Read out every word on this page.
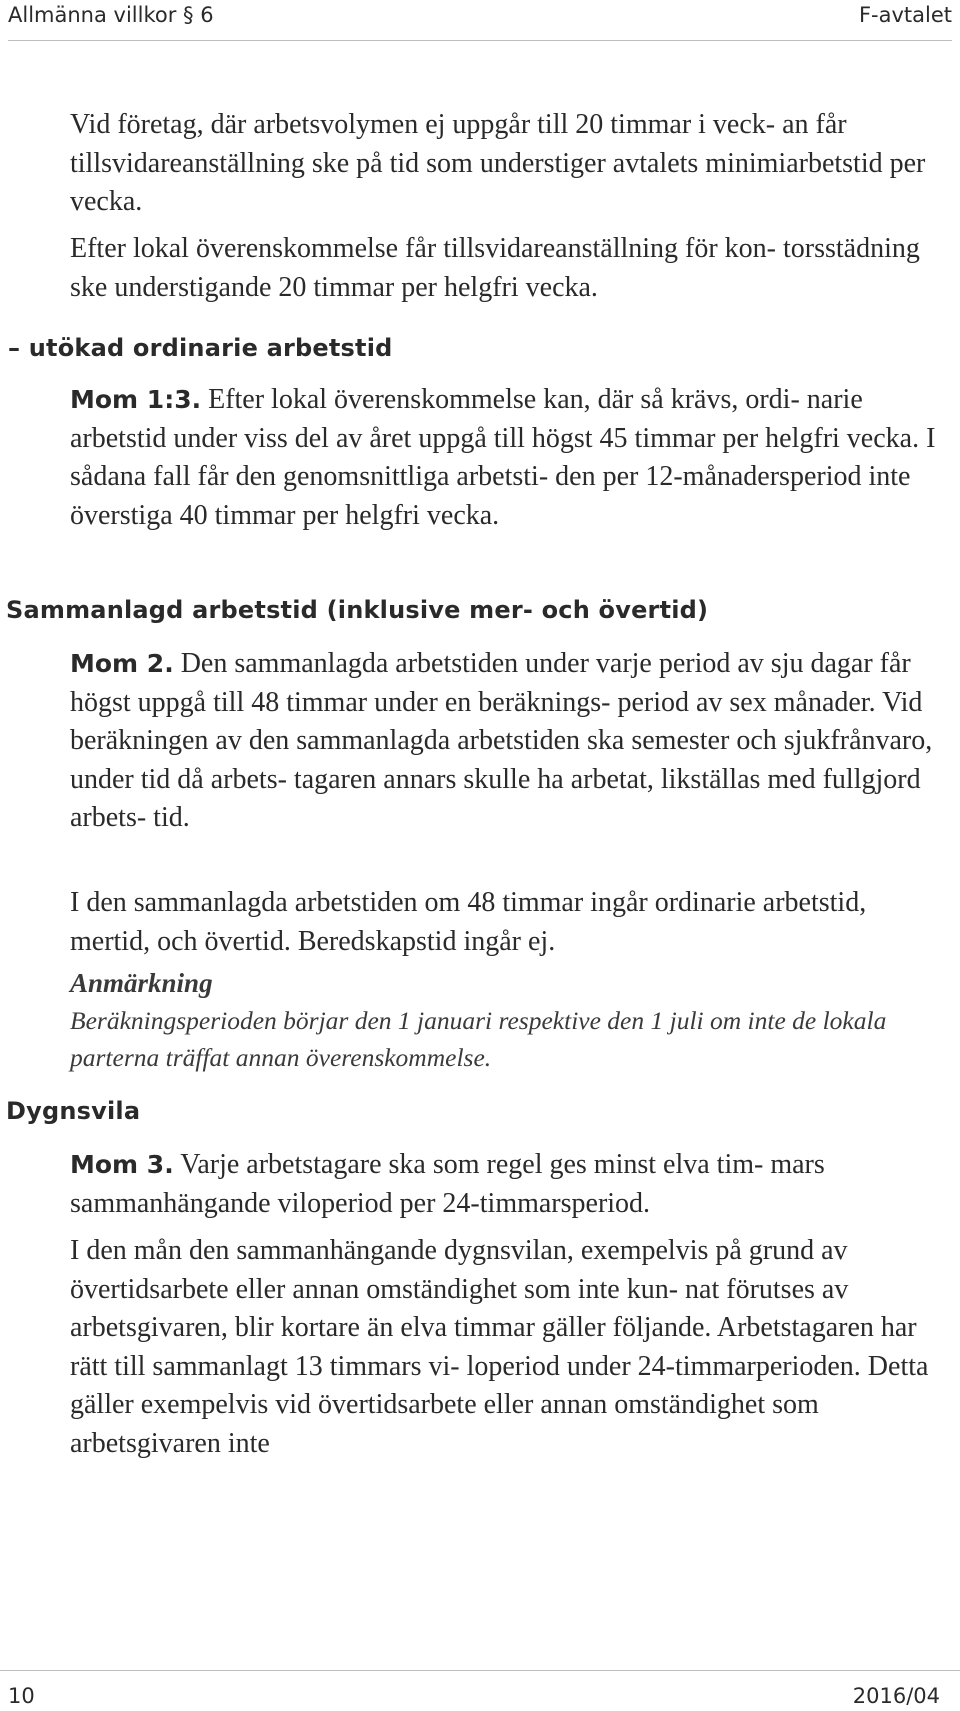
Allmänna villkor § 6	F-avtalet

Vid företag, där arbetsvolymen ej uppgår till 20 timmar i veck- an får tillsvidareanställning ske på tid som understiger avtalets minimiarbetstid per vecka.

Efter lokal överenskommelse får tillsvidareanställning för kon- torsstädning ske understigande 20 timmar per helgfri vecka.

– utökad ordinarie arbetstid

Mom 1:3. Efter lokal överenskommelse kan, där så krävs, ordi- narie arbetstid under viss del av året uppgå till högst 45 timmar per helgfri vecka. I sådana fall får den genomsnittliga arbetsti- den per 12-månadersperiod inte överstiga 40 timmar per helgfri vecka.

Sammanlagd arbetstid (inklusive mer- och övertid)

Mom 2. Den sammanlagda arbetstiden under varje period av sju dagar får högst uppgå till 48 timmar under en beräknings- period av sex månader. Vid beräkningen av den sammanlagda arbetstiden ska semester och sjukfrånvaro, under tid då arbets- tagaren annars skulle ha arbetat, likställas med fullgjord arbets- tid.

I den sammanlagda arbetstiden om 48 timmar ingår ordinarie arbetstid, mertid, och övertid. Beredskapstid ingår ej.

Anmärkning
Beräkningsperioden börjar den 1 januari respektive den 1 juli om inte de lokala parterna träffat annan överenskommelse.
Dygnsvila

Mom 3. Varje arbetstagare ska som regel ges minst elva tim- mars sammanhängande viloperiod per 24-timmarsperiod.

I den mån den sammanhängande dygnsvilan, exempelvis på grund av övertidsarbete eller annan omständighet som inte kun- nat förutses av arbetsgivaren, blir kortare än elva timmar gäller följande. Arbetstagaren har rätt till sammanlagt 13 timmars vi- loperiod under 24-timmarperioden. Detta gäller exempelvis vid övertidsarbete eller annan omständighet som arbetsgivaren inte

10	2016/04
